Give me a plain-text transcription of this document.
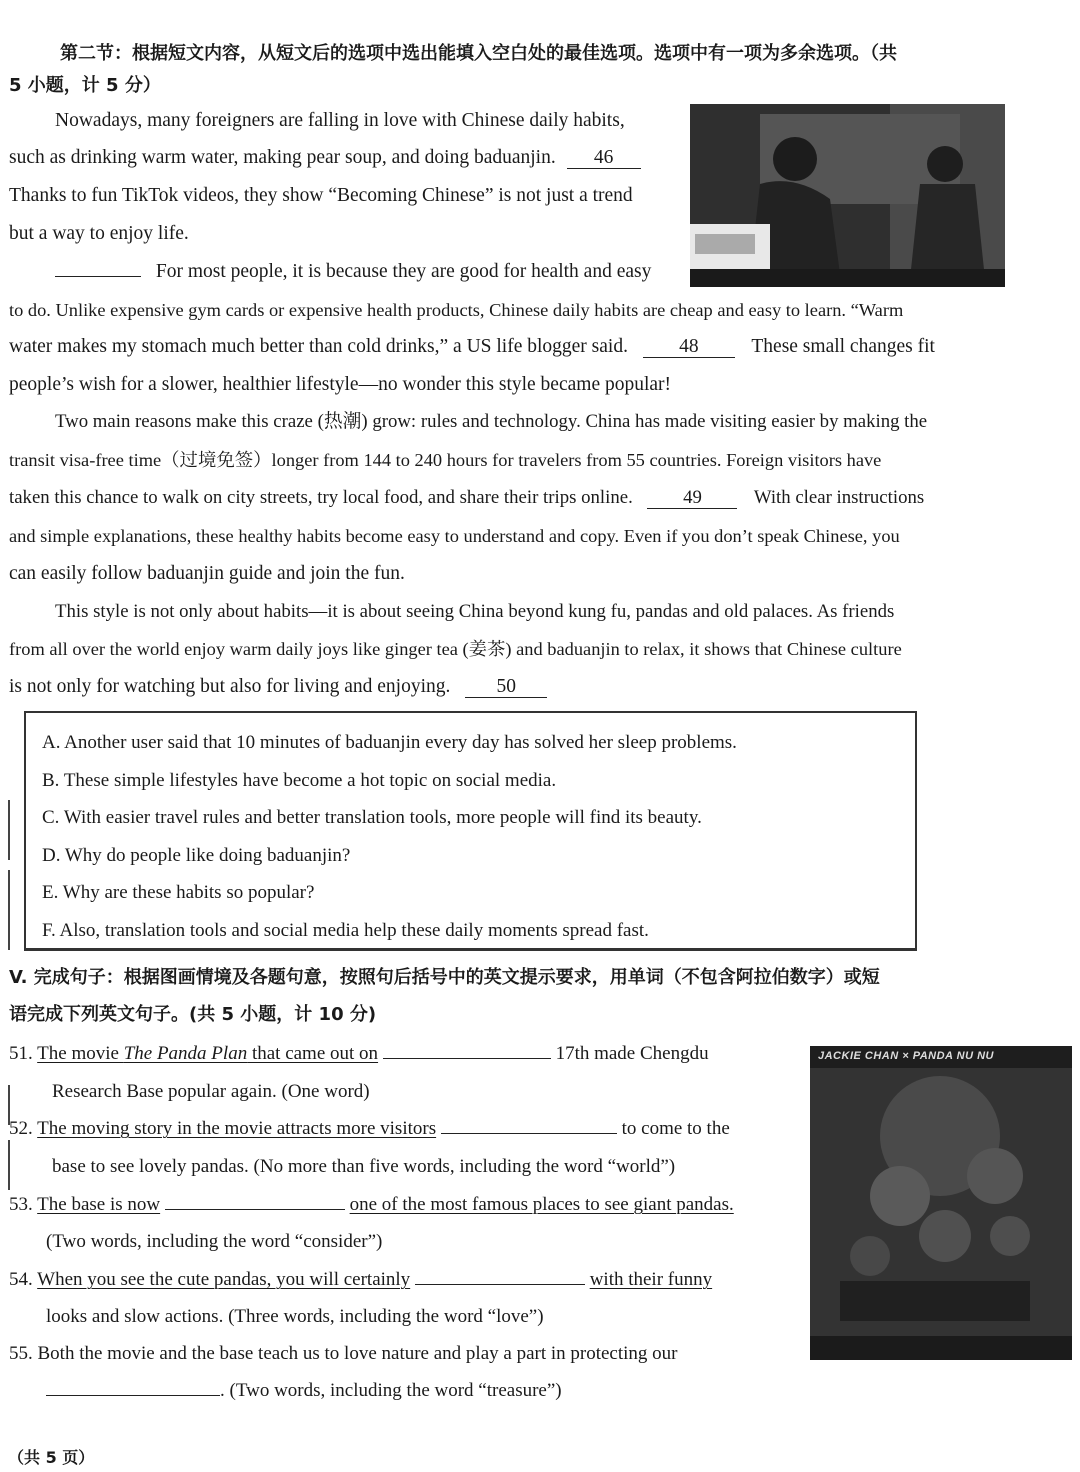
第二节：根据短文内容，从短文后的选项中选出能填入空白处的最佳选项。选项中有一项为多余选项。（共
5 小题，计 5 分）
Nowadays, many foreigners are falling in love with Chinese daily habits,
such as drinking warm water, making pear soup, and doing baduanjin. 46
Thanks to fun TikTok videos, they show “Becoming Chinese” is not just a trend
but a way to enjoy life.
For most people, it is because they are good for health and easy
to do. Unlike expensive gym cards or expensive health products, Chinese daily habits are cheap and easy to learn. “Warm
water makes my stomach much better than cold drinks,” a US life blogger said.	48	These small changes fit
people’s wish for a slower, healthier lifestyle—no wonder this style became popular!
Two main reasons make this craze (热潮) grow: rules and technology. China has made visiting easier by making the
transit visa-free time（过境免签）longer from 144 to 240 hours for travelers from 55 countries. Foreign visitors have
taken this chance to walk on city streets, try local food, and share their trips online.	49	With clear instructions
and simple explanations, these healthy habits become easy to understand and copy. Even if you don’t speak Chinese, you
can easily follow baduanjin guide and join the fun.
This style is not only about habits—it is about seeing China beyond kung fu, pandas and old palaces. As friends
from all over the world enjoy warm daily joys like ginger tea (姜茶) and baduanjin to relax, it shows that Chinese culture
is not only for watching but also for living and enjoying. 50
A. Another user said that 10 minutes of baduanjin every day has solved her sleep problems.
B. These simple lifestyles have become a hot topic on social media.
C. With easier travel rules and better translation tools, more people will find its beauty.
D. Why do people like doing baduanjin?
E. Why are these habits so popular?
F. Also, translation tools and social media help these daily moments spread fast.
V. 完成句子：根据图画情境及各题句意，按照句后括号中的英文提示要求，用单词（不包含阿拉伯数字）或短
语完成下列英文句子。(共 5 小题，计 10 分)
JACKIE CHAN × PANDA NU NU
51. The movie The Panda Plan that came out on	17th made Chengdu
Research Base popular again. (One word)
52. The moving story in the movie attracts more visitors	to come to the
base to see lovely pandas. (No more than five words, including the word “world”)
53. The base is now	one of the most famous places to see giant pandas.
(Two words, including the word “consider”)
54. When you see the cute pandas, you will certainly	with their funny
looks and slow actions. (Three words, including the word “love”)
55. Both the movie and the base teach us to love nature and play a part in protecting our
. (Two words, including the word “treasure”)
（共 5 页）
